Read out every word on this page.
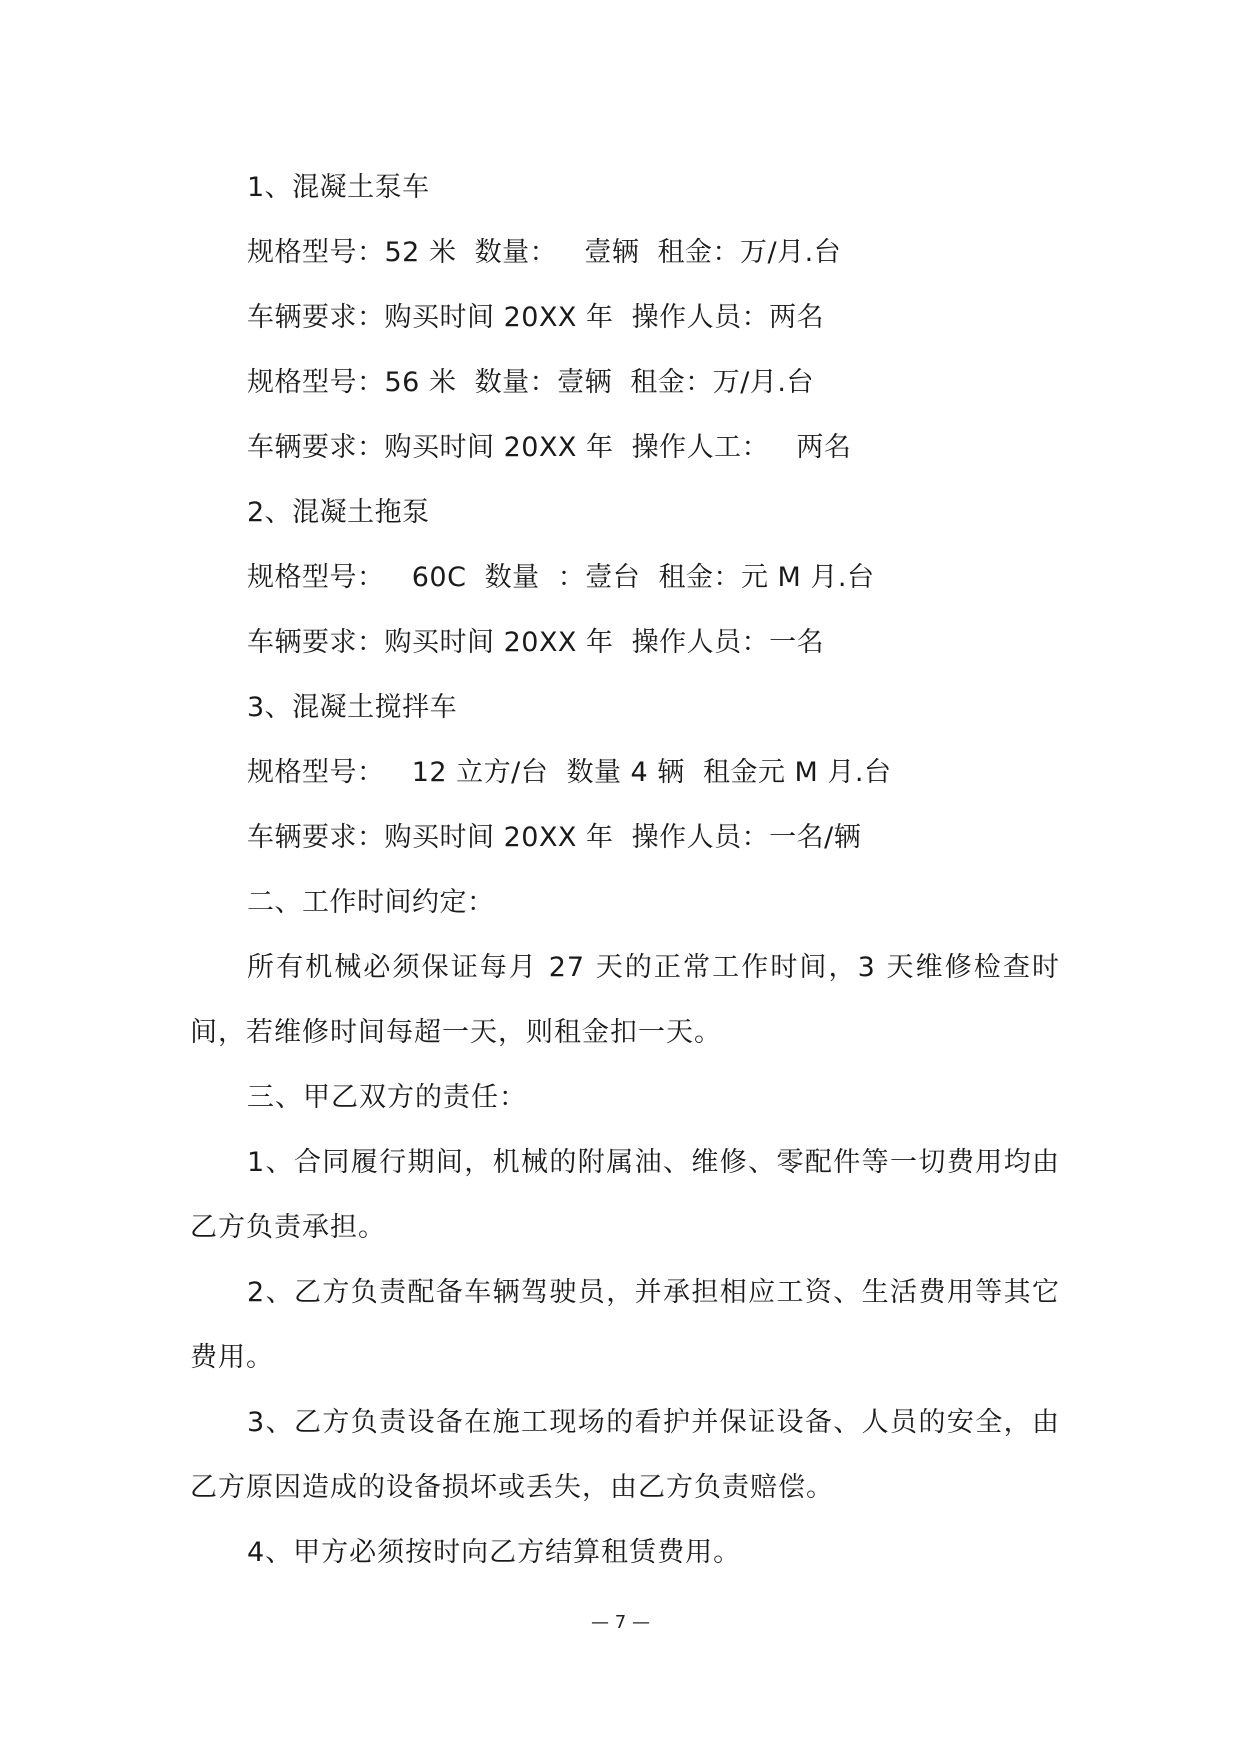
1、混凝土泵车
规格型号：52 米  数量：   壹辆  租金：万/月.台
车辆要求：购买时间 20XX 年  操作人员：两名
规格型号：56 米  数量：壹辆  租金：万/月.台
车辆要求：购买时间 20XX 年  操作人工：   两名
2、混凝土拖泵
规格型号：   60C  数量  ：壹台  租金：元 M 月.台
车辆要求：购买时间 20XX 年  操作人员：一名
3、混凝土搅拌车
规格型号：   12 立方/台  数量 4 辆  租金元 M 月.台
车辆要求：购买时间 20XX 年  操作人员：一名/辆
二、工作时间约定：

所有机械必须保证每月 27 天的正常工作时间，3 天维修检查时间，若维修时间每超一天，则租金扣一天。

三、甲乙双方的责任：

1、合同履行期间，机械的附属油、维修、零配件等一切费用均由乙方负责承担。

2、乙方负责配备车辆驾驶员，并承担相应工资、生活费用等其它费用。

3、乙方负责设备在施工现场的看护并保证设备、人员的安全，由乙方原因造成的设备损坏或丢失，由乙方负责赔偿。

4、甲方必须按时向乙方结算租赁费用。

— 7 —
